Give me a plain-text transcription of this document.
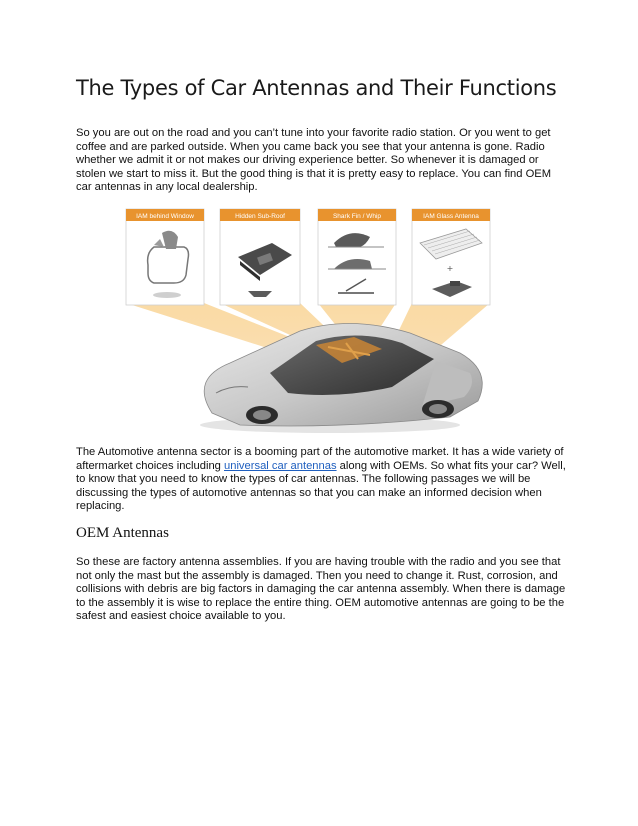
The Types of Car Antennas and Their Functions
So you are out on the road and you can’t tune into your favorite radio station. Or you went to get coffee and are parked outside. When you came back you see that your antenna is gone. Radio whether we admit it or not makes our driving experience better. So whenever it is damaged or stolen we start to miss it. But the good thing is that it is pretty easy to replace. You can find OEM car antennas in any local dealership.
IAM behind Window	Hidden Sub-Roof	Shark Fin / Whip	IAM Glass Antenna
+
The Automotive antenna sector is a booming part of the automotive market. It has a wide variety of aftermarket choices including universal car antennas along with OEMs. So what fits your car? Well, to know that you need to know the types of car antennas. The following passages we will be discussing the types of automotive antennas so that you can make an informed decision when replacing.
OEM Antennas
So these are factory antenna assemblies. If you are having trouble with the radio and you see that not only the mast but the assembly is damaged. Then you need to change it. Rust, corrosion, and collisions with debris are big factors in damaging the car antenna assembly. When there is damage to the assembly it is wise to replace the entire thing. OEM automotive antennas are going to be the safest and easiest choice available to you.
